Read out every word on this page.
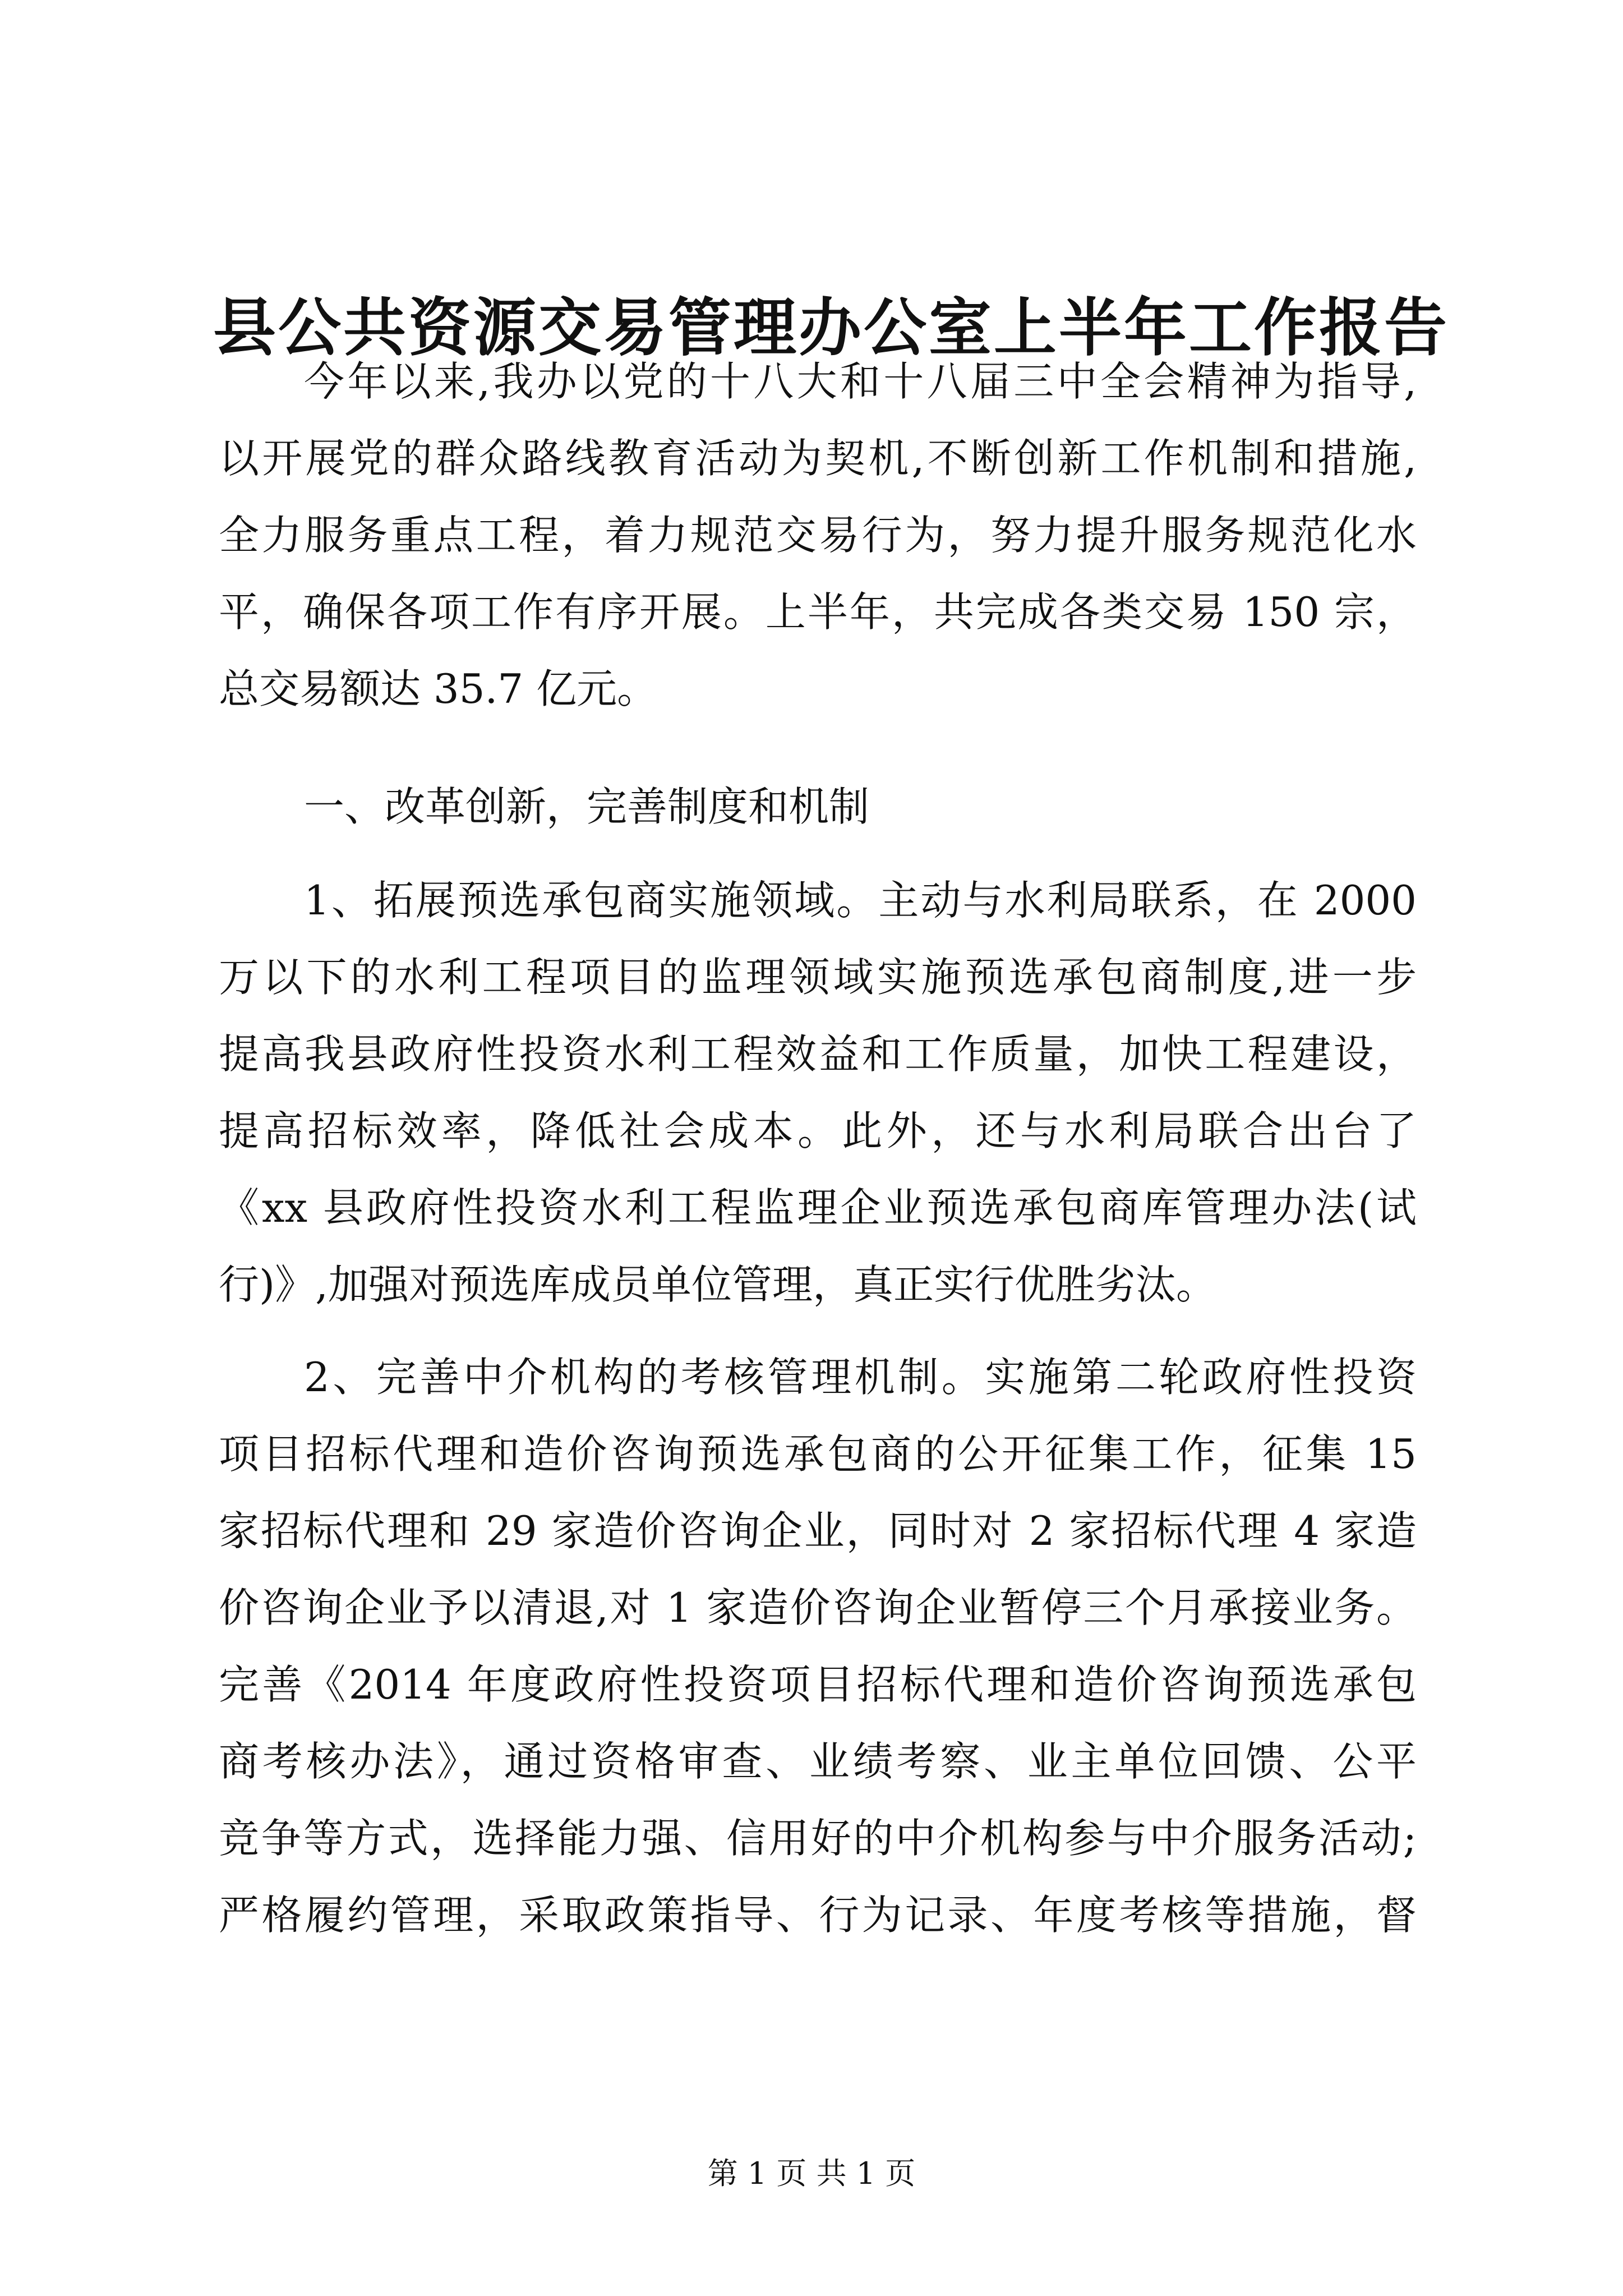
县公共资源交易管理办公室上半年工作报告
今年以来,我办以党的十八大和十八届三中全会精神为指导,
以开展党的群众路线教育活动为契机,不断创新工作机制和措施,
全力服务重点工程，着力规范交易行为，努力提升服务规范化水
平，确保各项工作有序开展。上半年，共完成各类交易 150 宗，
总交易额达 35.7 亿元。
一、改革创新，完善制度和机制
1、拓展预选承包商实施领域。主动与水利局联系，在 2000
万以下的水利工程项目的监理领域实施预选承包商制度,进一步
提高我县政府性投资水利工程效益和工作质量，加快工程建设，
提高招标效率，降低社会成本。此外，还与水利局联合出台了
《xx 县政府性投资水利工程监理企业预选承包商库管理办法(试
行)》,加强对预选库成员单位管理，真正实行优胜劣汰。
2、完善中介机构的考核管理机制。实施第二轮政府性投资
项目招标代理和造价咨询预选承包商的公开征集工作，征集 15
家招标代理和 29 家造价咨询企业，同时对 2 家招标代理 4 家造
价咨询企业予以清退,对 1 家造价咨询企业暂停三个月承接业务。
完善《2014 年度政府性投资项目招标代理和造价咨询预选承包
商考核办法》，通过资格审查、业绩考察、业主单位回馈、公平
竞争等方式，选择能力强、信用好的中介机构参与中介服务活动;
严格履约管理，采取政策指导、行为记录、年度考核等措施，督
第 1 页 共 1 页
